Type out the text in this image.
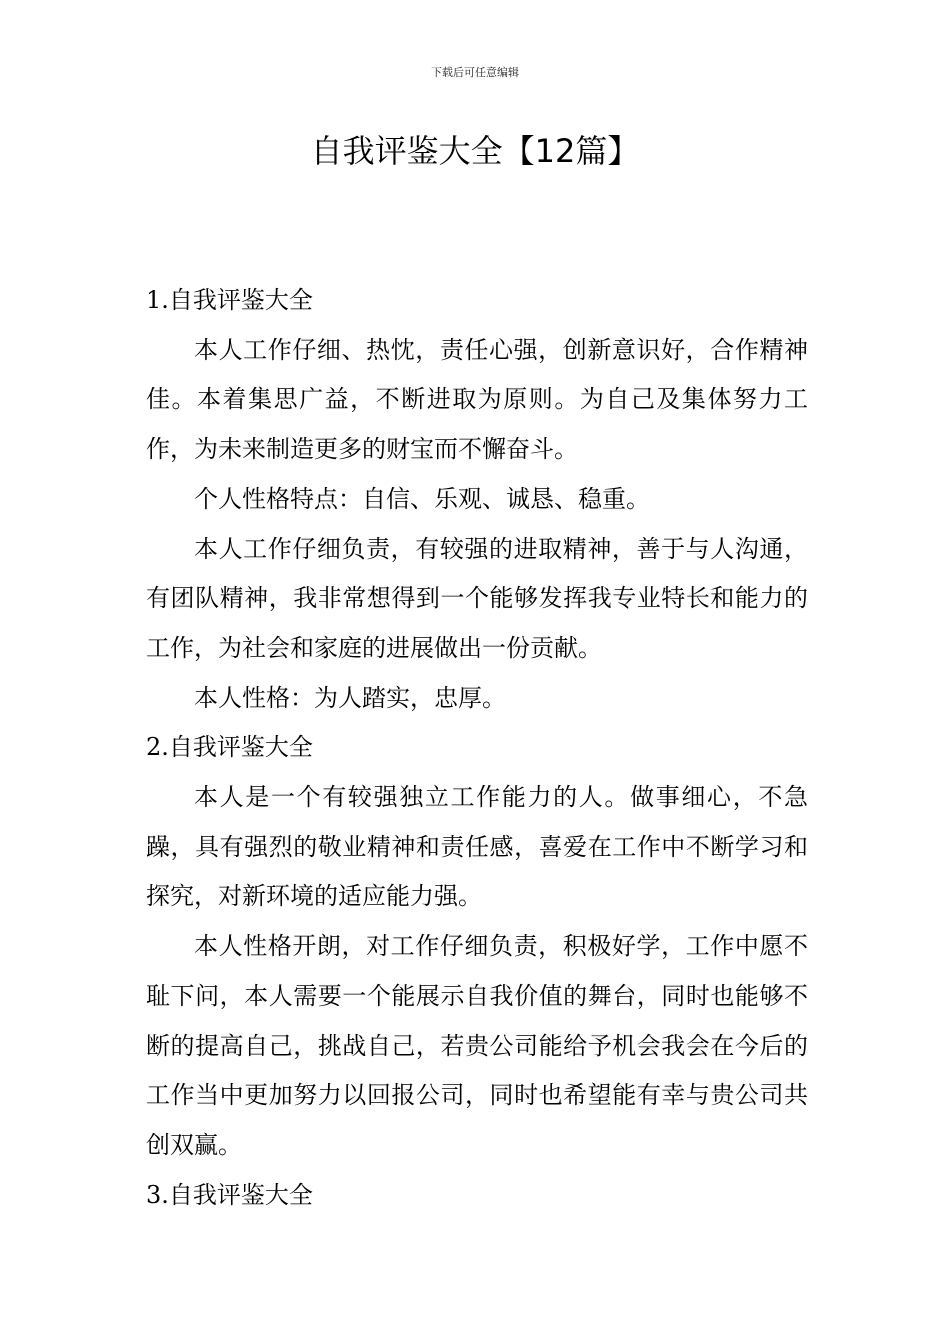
下载后可任意编辑
自我评鉴大全【12篇】

1.自我评鉴大全

本人工作仔细、热忱，责任心强，创新意识好，合作精神佳。本着集思广益，不断进取为原则。为自己及集体努力工作，为未来制造更多的财宝而不懈奋斗。

个人性格特点：自信、乐观、诚恳、稳重。

本人工作仔细负责，有较强的进取精神，善于与人沟通，有团队精神，我非常想得到一个能够发挥我专业特长和能力的工作，为社会和家庭的进展做出一份贡献。

本人性格：为人踏实，忠厚。

2.自我评鉴大全

本人是一个有较强独立工作能力的人。做事细心，不急躁，具有强烈的敬业精神和责任感，喜爱在工作中不断学习和探究，对新环境的适应能力强。

本人性格开朗，对工作仔细负责，积极好学，工作中愿不耻下问，本人需要一个能展示自我价值的舞台，同时也能够不断的提高自己，挑战自己，若贵公司能给予机会我会在今后的工作当中更加努力以回报公司，同时也希望能有幸与贵公司共创双赢。

3.自我评鉴大全
